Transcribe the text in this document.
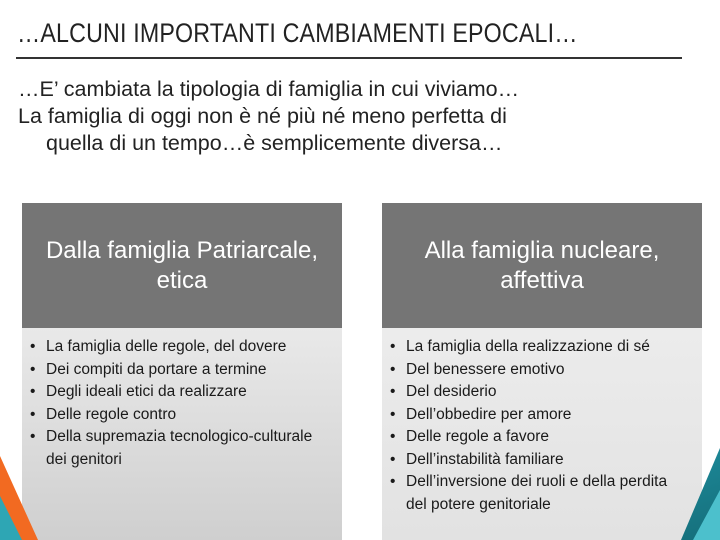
…ALCUNI IMPORTANTI CAMBIAMENTI EPOCALI…

…E’ cambiata la tipologia di famiglia in cui viviamo…

La famiglia di oggi non è né più né meno perfetta di

quella di un tempo…è semplicemente diversa…

Dalla famiglia Patriarcale, etica
• La famiglia delle regole, del dovere
• Dei compiti da portare a termine
• Degli ideali etici da realizzare
• Delle regole contro
• Della supremazia tecnologico-culturale dei genitori
Alla famiglia nucleare, affettiva
• La famiglia della realizzazione di sé
• Del benessere emotivo
• Del desiderio
• Dell’obbedire per amore
• Delle regole a favore
• Dell’instabilità familiare
• Dell’inversione dei ruoli e della perdita del potere genitoriale
